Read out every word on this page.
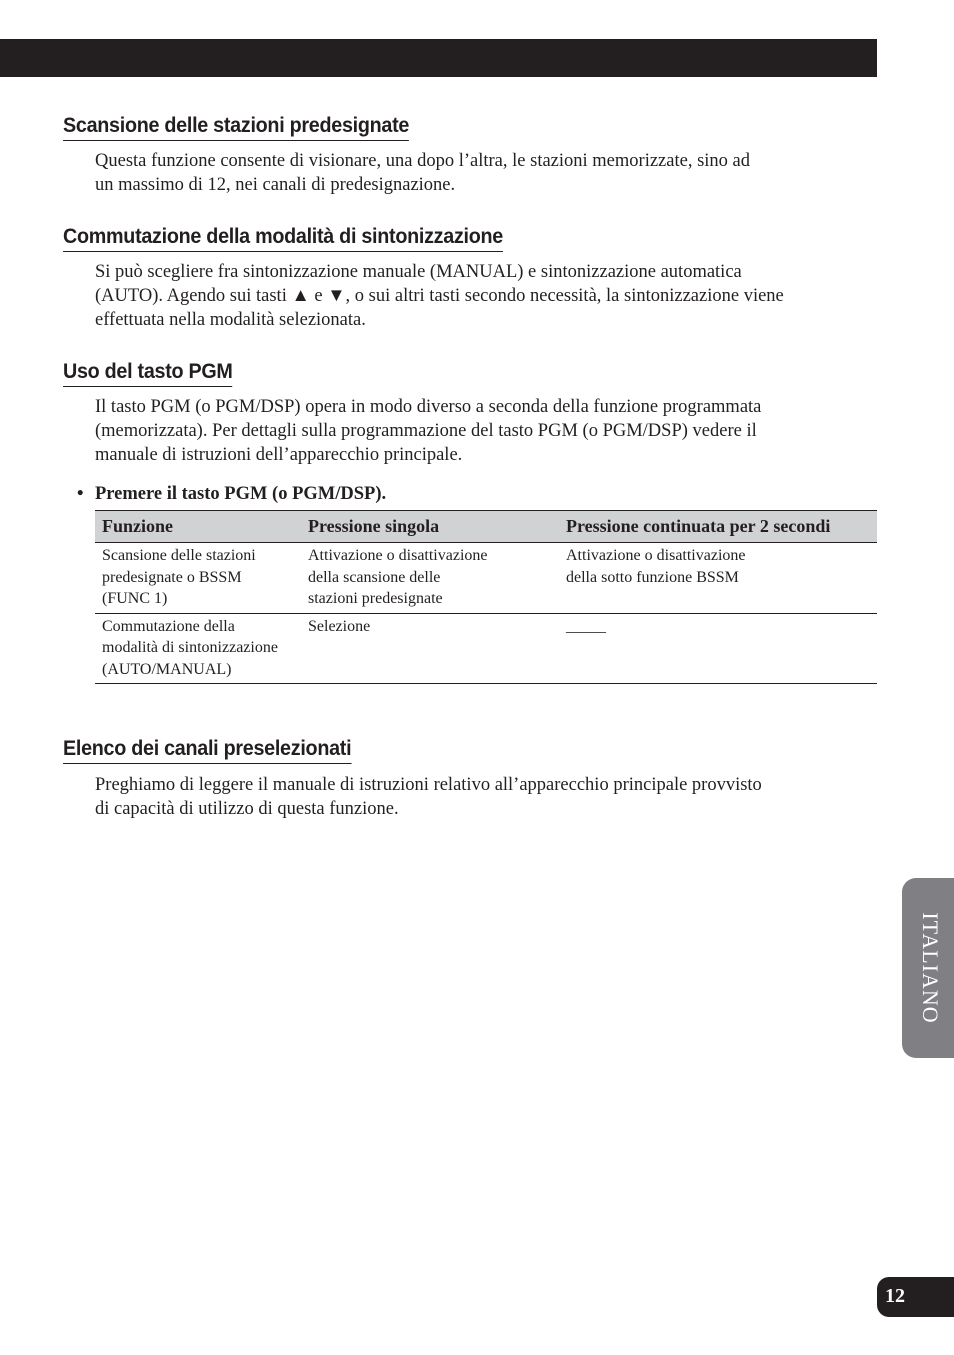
Scansione delle stazioni predesignate

Questa funzione consente di visionare, una dopo l’altra, le stazioni memorizzate, sino ad
un massimo di 12, nei canali di predesignazione.

Commutazione della modalità di sintonizzazione

Si può scegliere fra sintonizzazione manuale (MANUAL) e sintonizzazione automatica
(AUTO). Agendo sui tasti ▲ e ▼, o sui altri tasti secondo necessità, la sintonizzazione viene
effettuata nella modalità selezionata.

Uso del tasto PGM

Il tasto PGM (o PGM/DSP) opera in modo diverso a seconda della funzione programmata
(memorizzata). Per dettagli sulla programmazione del tasto PGM (o PGM/DSP) vedere il
manuale di istruzioni dell’apparecchio principale.

• Premere il tasto PGM (o PGM/DSP).

Funzione	Pressione singola	Pressione continuata per 2 secondi
Scansione delle stazioni
predesignate o BSSM
(FUNC 1)	Attivazione o disattivazione
della scansione delle
stazioni predesignate	Attivazione o disattivazione
della sotto funzione BSSM
Commutazione della
modalità di sintonizzazione
(AUTO/MANUAL)	Selezione	_____
Elenco dei canali preselezionati

Preghiamo di leggere il manuale di istruzioni relativo all’apparecchio principale provvisto
di capacità di utilizzo di questa funzione.

ITALIANO
12
